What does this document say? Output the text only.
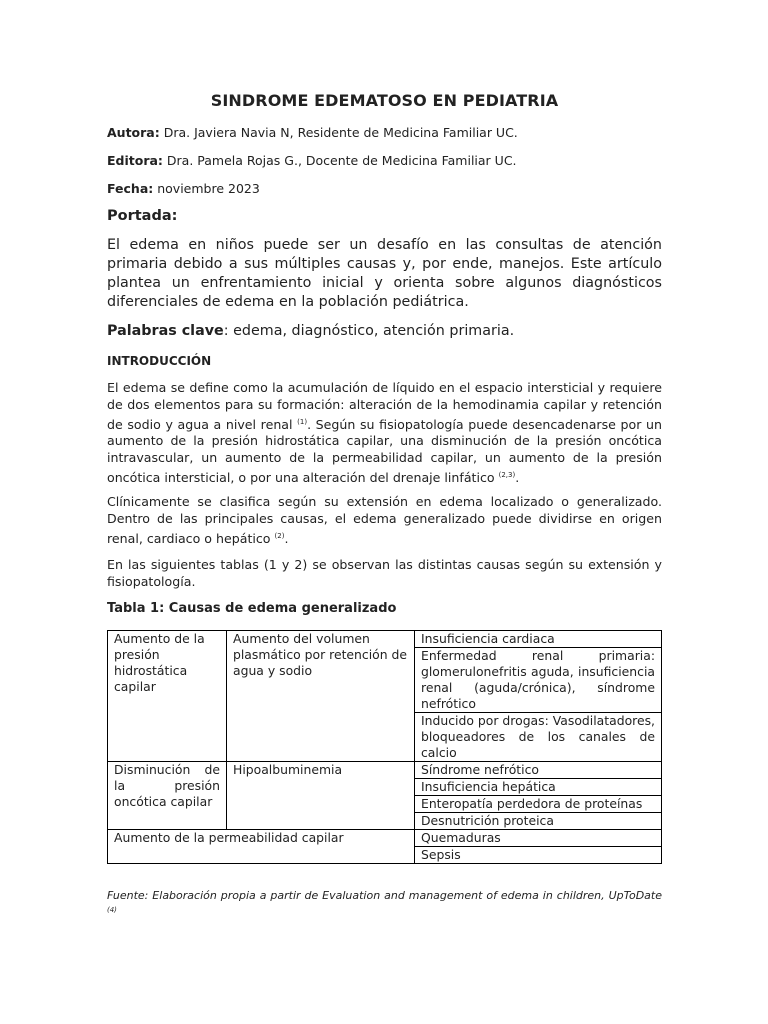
SINDROME EDEMATOSO EN PEDIATRIA
Autora: Dra. Javiera Navia N, Residente de Medicina Familiar UC.
Editora: Dra. Pamela Rojas G., Docente de Medicina Familiar UC.
Fecha: noviembre 2023
Portada:

El edema en niños puede ser un desafío en las consultas de atención primaria debido a sus múltiples causas y, por ende, manejos. Este artículo plantea un enfrentamiento inicial y orienta sobre algunos diagnósticos diferenciales de edema en la población pediátrica.

Palabras clave: edema, diagnóstico, atención primaria.
INTRODUCCIÓN

El edema se define como la acumulación de líquido en el espacio intersticial y requiere de dos elementos para su formación: alteración de la hemodinamia capilar y retención de sodio y agua a nivel renal $^{(1)}$. Según su fisiopatología puede desencadenarse por un aumento de la presión hidrostática capilar, una disminución de la presión oncótica intravascular, un aumento de la permeabilidad capilar, un aumento de la presión oncótica intersticial, o por una alteración del drenaje linfático $^{(2,3)}$.

Clínicamente se clasifica según su extensión en edema localizado o generalizado. Dentro de las principales causas, el edema generalizado puede dividirse en origen renal, cardiaco o hepático $^{(2)}$.

En las siguientes tablas (1 y 2) se observan las distintas causas según su extensión y fisiopatología.

Tabla 1: Causas de edema generalizado
Aumento de la presión hidrostática capilar	Aumento del volumen plasmático por retención de agua y sodio	Insuficiencia cardiaca
		Enfermedad renal primaria: glomerulonefritis aguda, insuficiencia renal (aguda/crónica), síndrome nefrótico
		Inducido por drogas: Vasodilatadores, bloqueadores de los canales de calcio
Disminución de la presión oncótica capilar	Hipoalbuminemia	Síndrome nefrótico
		Insuficiencia hepática
		Enteropatía perdedora de proteínas
		Desnutrición proteica
Aumento de la permeabilidad capilar		Quemaduras
		Sepsis
Fuente: Elaboración propia a partir de Evaluation and management of edema in children, UpToDate $^{(4)}$
